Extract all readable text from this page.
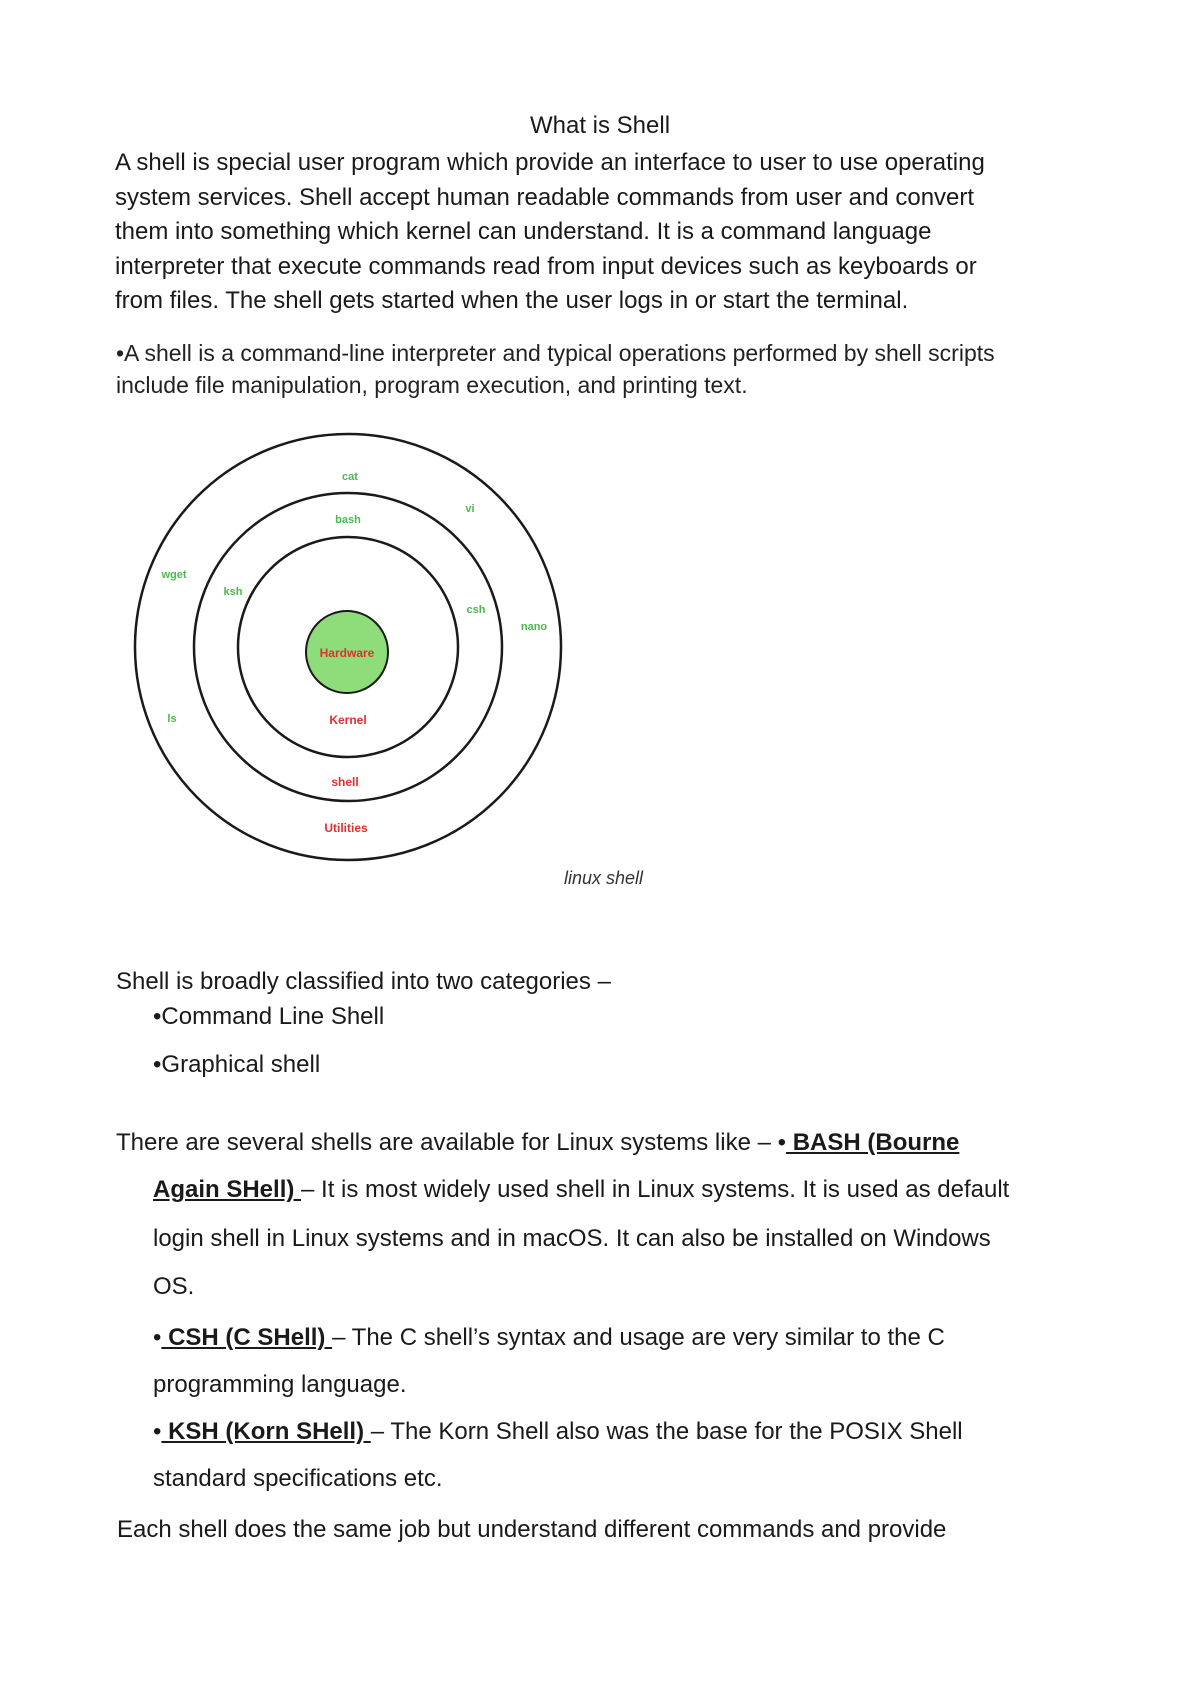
What is Shell
A shell is special user program which provide an interface to user to use operating
system services. Shell accept human readable commands from user and convert
them into something which kernel can understand. It is a command language
interpreter that execute commands read from input devices such as keyboards or
from files. The shell gets started when the user logs in or start the terminal.
•A shell is a command-line interpreter and typical operations performed by shell scripts
include file manipulation, program execution, and printing text.
Hardware
Kernel
shell
Utilities
bash
ksh
csh
cat
vi
wget
nano
ls
linux shell
Shell is broadly classified into two categories –
•Command Line Shell
•Graphical shell
There are several shells are available for Linux systems like – • BASH (Bourne
Again SHell) – It is most widely used shell in Linux systems. It is used as default
login shell in Linux systems and in macOS. It can also be installed on Windows
OS.
• CSH (C SHell) – The C shell’s syntax and usage are very similar to the C
programming language.
• KSH (Korn SHell) – The Korn Shell also was the base for the POSIX Shell
standard specifications etc.
Each shell does the same job but understand different commands and provide
